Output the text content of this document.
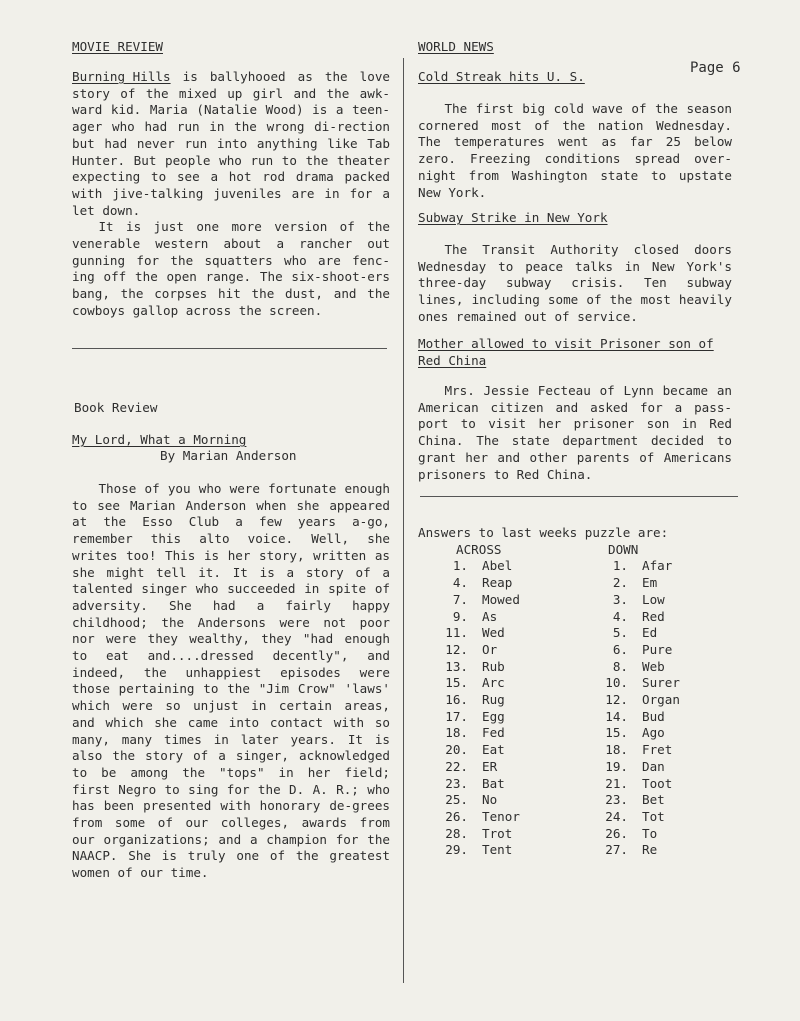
Page 6
MOVIE REVIEW

Burning Hills is ballyhooed as the love story of the mixed up girl and the awk-ward kid. Maria (Natalie Wood) is a teen-ager who had run in the wrong di-rection but had never run into anything like Tab Hunter. But people who run to the theater expecting to see a hot rod drama packed with jive-talking juveniles are in for a let down.

It is just one more version of the venerable western about a rancher out gunning for the squatters who are fenc-ing off the open range. The six-shoot-ers bang, the corpses hit the dust, and the cowboys gallop across the screen.

Book Review
My Lord, What a Morning

By Marian Anderson

Those of you who were fortunate enough to see Marian Anderson when she appeared at the Esso Club a few years a-go, remember this alto voice. Well, she writes too! This is her story, written as she might tell it. It is a story of a talented singer who succeeded in spite of adversity. She had a fairly happy childhood; the Andersons were not poor nor were they wealthy, they "had enough to eat and....dressed decently", and indeed, the unhappiest episodes were those pertaining to the "Jim Crow" 'laws' which were so unjust in certain areas, and which she came into contact with so many, many times in later years. It is also the story of a singer, acknowledged to be among the "tops" in her field; first Negro to sing for the D. A. R.; who has been presented with honorary de-grees from some of our colleges, awards from our organizations; and a champion for the NAACP. She is truly one of the greatest women of our time.

WORLD NEWS
Cold Streak hits U. S.

The first big cold wave of the season cornered most of the nation Wednesday. The temperatures went as far 25 below zero. Freezing conditions spread over-night from Washington state to upstate New York.

Subway Strike in New York

The Transit Authority closed doors Wednesday to peace talks in New York's three-day subway crisis. Ten subway lines, including some of the most heavily ones remained out of service.

Mother allowed to visit Prisoner son of Red China

Mrs. Jessie Fecteau of Lynn became an American citizen and asked for a pass-port to visit her prisoner son in Red China. The state department decided to grant her and other parents of Americans prisoners to Red China.

Answers to last weeks puzzle are:

ACROSS

1.	Abel
4.	Reap
7.	Mowed
9.	As
11.	Wed
12.	Or
13.	Rub
15.	Arc
16.	Rug
17.	Egg
18.	Fed
20.	Eat
22.	ER
23.	Bat
25.	No
26.	Tenor
28.	Trot
29.	Tent

DOWN

1.	Afar
2.	Em
3.	Low
4.	Red
5.	Ed
6.	Pure
8.	Web
10.	Surer
12.	Organ
14.	Bud
15.	Ago
18.	Fret
19.	Dan
21.	Toot
23.	Bet
24.	Tot
26.	To
27.	Re
